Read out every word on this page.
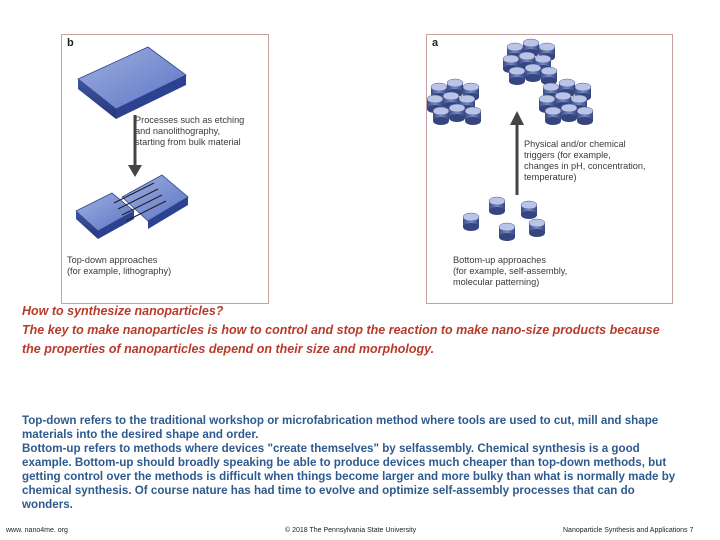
b

Processes such as etching
and nanolithography,
starting from bulk material

Top-down approaches
(for example, lithography)

a

Physical and/or chemical
triggers (for example,
changes in pH, concentration,
temperature)

Bottom-up approaches
(for example, self-assembly,
molecular patterning)

How to synthesize nanoparticles?

The key to make nanoparticles is how to control and stop the reaction to make nano-size products because
the properties of nanoparticles depend on their size and morphology.

Top-down refers to the traditional workshop or microfabrication method where tools are used to cut, mill and shape
materials into the desired shape and order.
Bottom-up refers to methods where devices "create themselves" by selfassembly. Chemical synthesis is a good
example. Bottom-up should broadly speaking be able to produce devices much cheaper than top-down methods, but
getting control over the methods is difficult when things become larger and more bulky than what is normally made by
chemical synthesis. Of course nature has had time to evolve and optimize self-assembly processes that can do
wonders.

www. nano4me. org	© 2018 The Pennsylvania State University	Nanoparticle Synthesis and Applications 7
